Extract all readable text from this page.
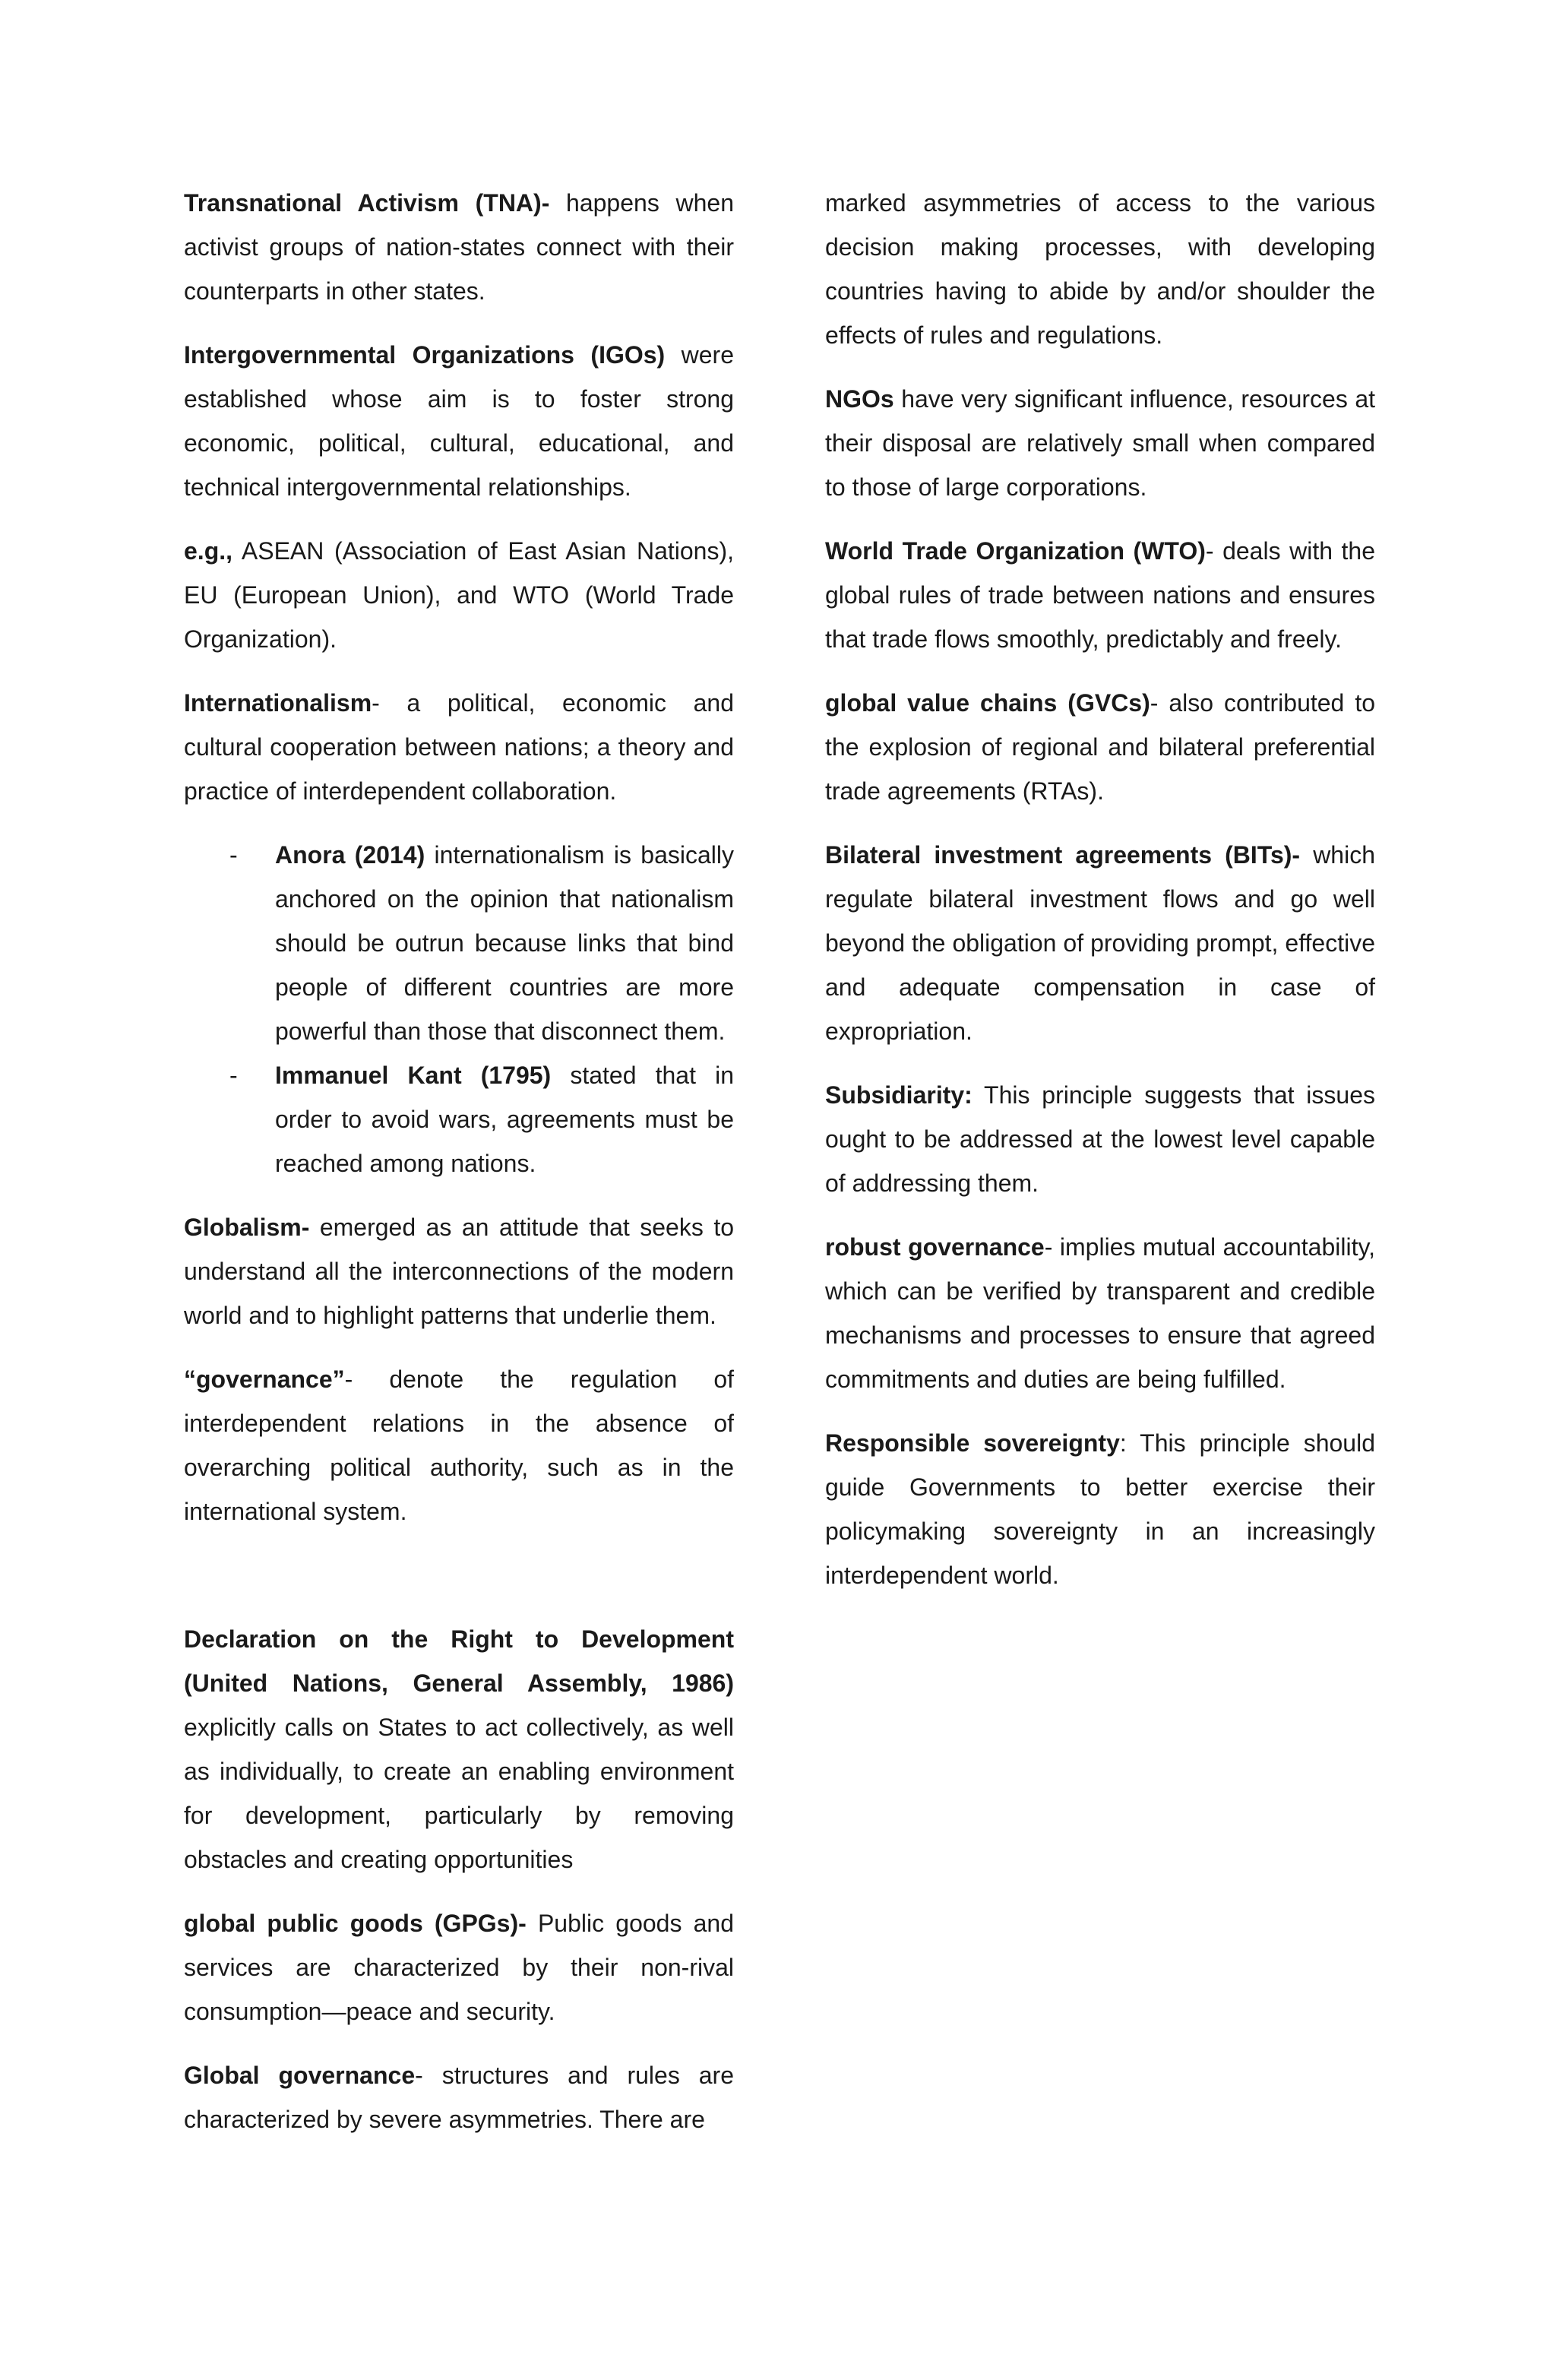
Transnational Activism (TNA)- happens when activist groups of nation-states connect with their counterparts in other states.

Intergovernmental Organizations (IGOs) were established whose aim is to foster strong economic, political, cultural, educational, and technical intergovernmental relationships.

e.g., ASEAN (Association of East Asian Nations), EU (European Union), and WTO (World Trade Organization).

Internationalism- a political, economic and cultural cooperation between nations; a theory and practice of interdependent collaboration.

- Anora (2014) internationalism is basically anchored on the opinion that nationalism should be outrun because links that bind people of different countries are more powerful than those that disconnect them.
- Immanuel Kant (1795) stated that in order to avoid wars, agreements must be reached among nations.

Globalism- emerged as an attitude that seeks to understand all the interconnections of the modern world and to highlight patterns that underlie them.

“governance”- denote the regulation of interdependent relations in the absence of overarching political authority, such as in the international system.

Declaration on the Right to Development (United Nations, General Assembly, 1986) explicitly calls on States to act collectively, as well as individually, to create an enabling environment for development, particularly by removing obstacles and creating opportunities

global public goods (GPGs)- Public goods and services are characterized by their non-rival consumption—peace and security.

Global governance- structures and rules are characterized by severe asymmetries. There are

marked asymmetries of access to the various decision making processes, with developing countries having to abide by and/or shoulder the effects of rules and regulations.

NGOs have very significant influence, resources at their disposal are relatively small when compared to those of large corporations.

World Trade Organization (WTO)- deals with the global rules of trade between nations and ensures that trade flows smoothly, predictably and freely.

global value chains (GVCs)- also contributed to the explosion of regional and bilateral preferential trade agreements (RTAs).

Bilateral investment agreements (BITs)- which regulate bilateral investment flows and go well beyond the obligation of providing prompt, effective and adequate compensation in case of expropriation.

Subsidiarity: This principle suggests that issues ought to be addressed at the lowest level capable of addressing them.

robust governance- implies mutual accountability, which can be verified by transparent and credible mechanisms and processes to ensure that agreed commitments and duties are being fulfilled.

Responsible sovereignty: This principle should guide Governments to better exercise their policymaking sovereignty in an increasingly interdependent world.
